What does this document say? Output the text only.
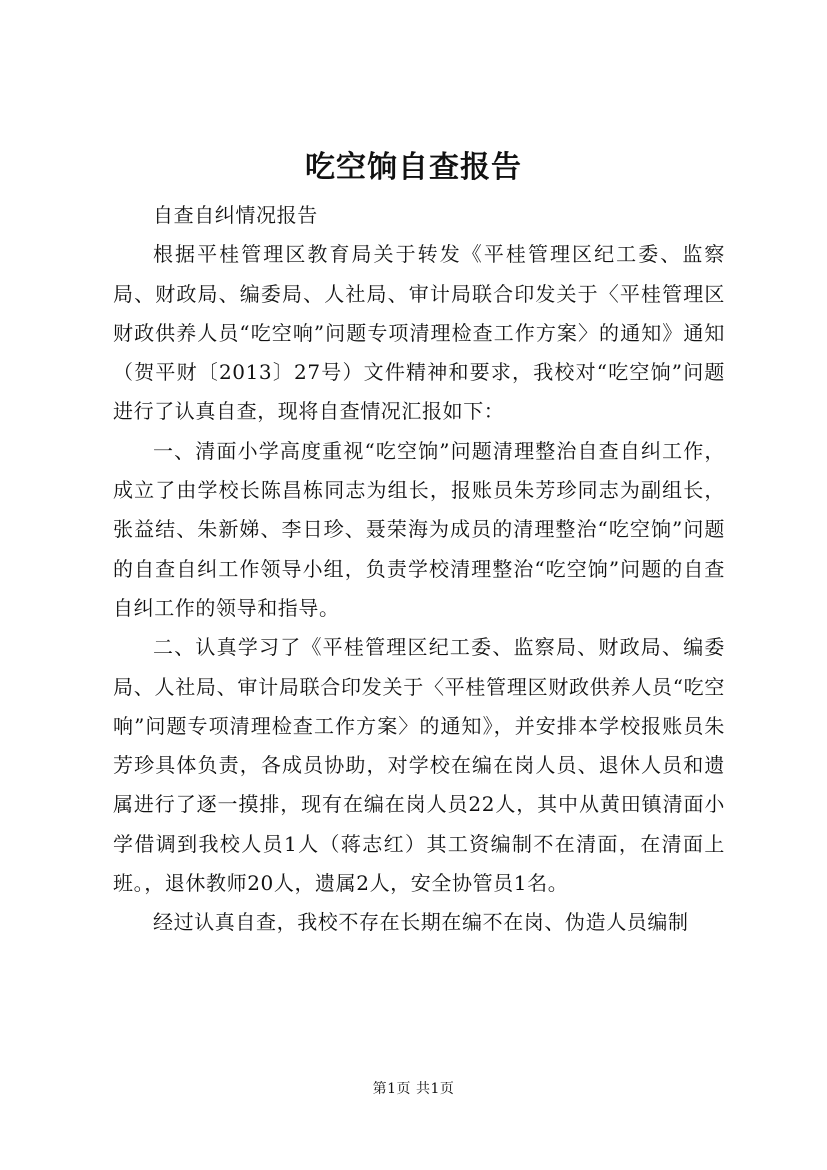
吃空饷自查报告

自查自纠情况报告

根据平桂管理区教育局关于转发《平桂管理区纪工委、监察局、财政局、编委局、人社局、审计局联合印发关于〈平桂管理区财政供养人员“吃空响”问题专项清理检查工作方案〉的通知》通知（贺平财〔2013〕27号）文件精神和要求，我校对“吃空饷”问题进行了认真自查，现将自查情况汇报如下：

一、清面小学高度重视“吃空饷”问题清理整治自查自纠工作，成立了由学校长陈昌栋同志为组长，报账员朱芳珍同志为副组长，张益结、朱新娣、李日珍、聂荣海为成员的清理整治“吃空饷”问题的自查自纠工作领导小组，负责学校清理整治“吃空饷”问题的自查自纠工作的领导和指导。

二、认真学习了《平桂管理区纪工委、监察局、财政局、编委局、人社局、审计局联合印发关于〈平桂管理区财政供养人员“吃空响”问题专项清理检查工作方案〉的通知》，并安排本学校报账员朱芳珍具体负责，各成员协助，对学校在编在岗人员、退休人员和遗属进行了逐一摸排，现有在编在岗人员22人，其中从黄田镇清面小学借调到我校人员1人（蒋志红）其工资编制不在清面，在清面上班。，退休教师20人，遗属2人，安全协管员1名。

经过认真自查，我校不存在长期在编不在岗、伪造人员编制

第1页 共1页
